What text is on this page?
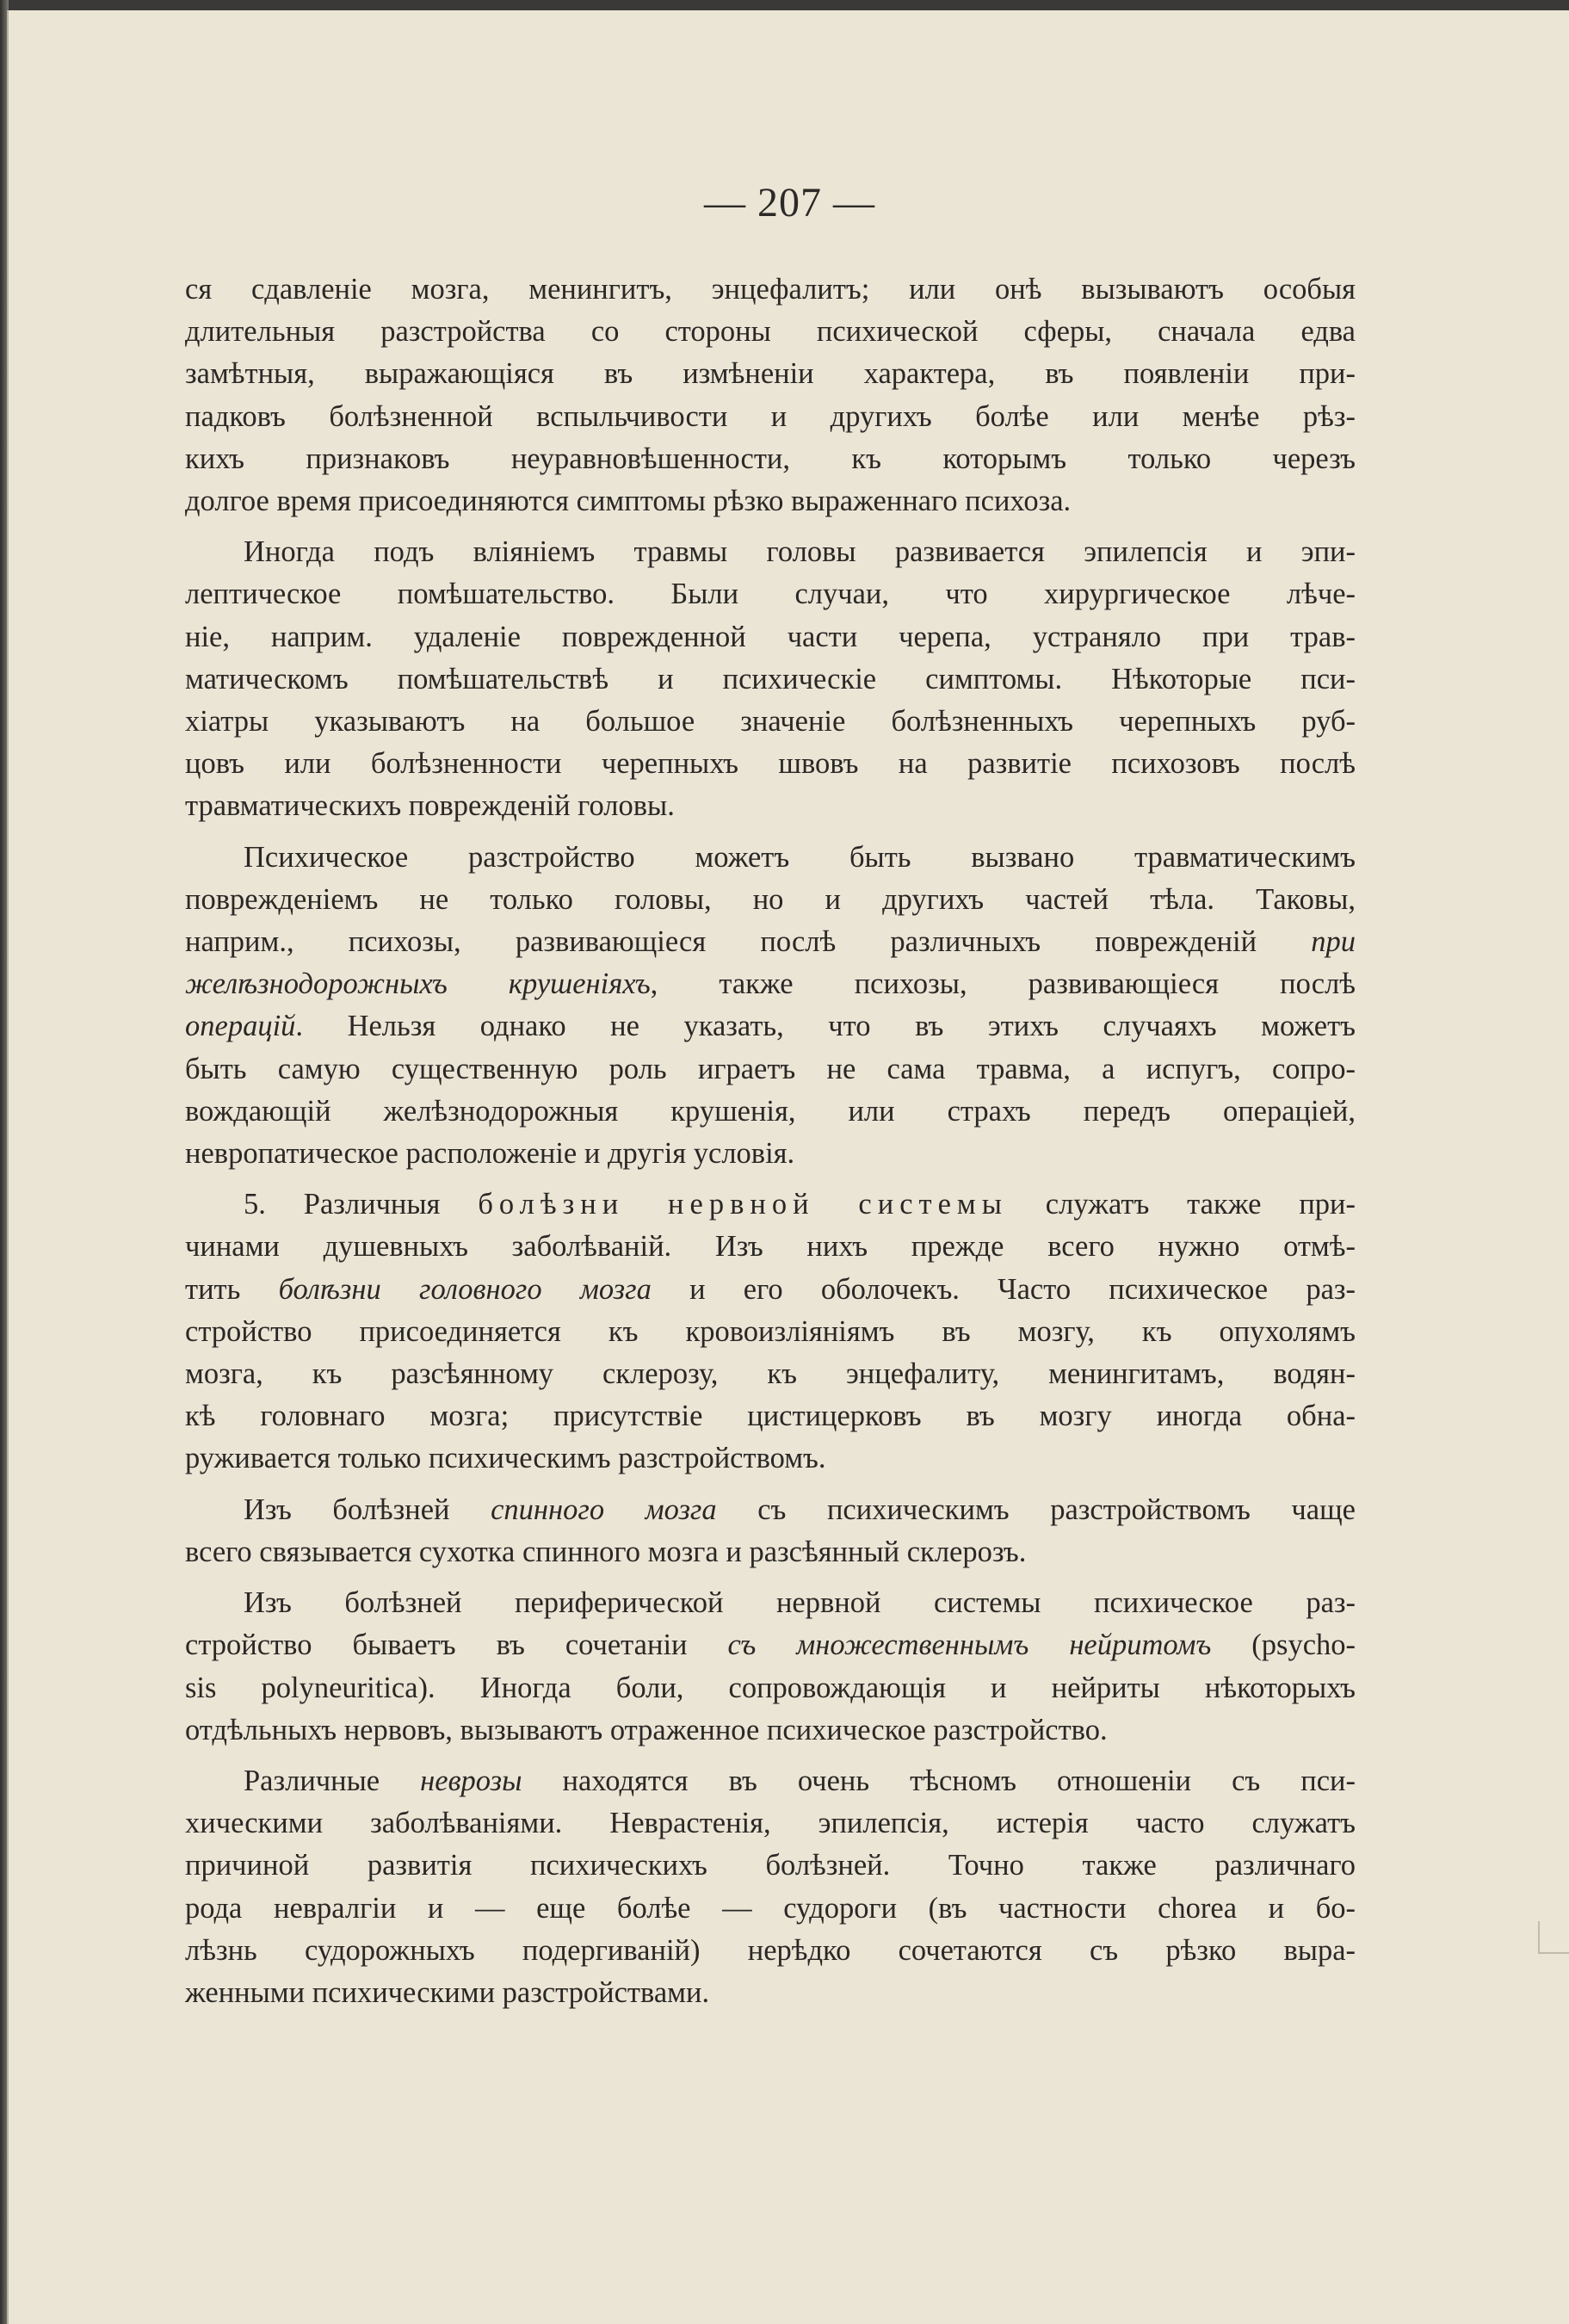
— 207 —
ся сдавленіе мозга, менингитъ, энцефалитъ; или онѣ вызываютъ особыя
длительныя разстройства со стороны психической сферы, сначала едва
замѣтныя, выражающіяся въ измѣненіи характера, въ появленіи при-
падковъ болѣзненной вспыльчивости и другихъ болѣе или менѣе рѣз-
кихъ признаковъ неуравновѣшенности, къ которымъ только черезъ
долгое время присоединяются симптомы рѣзко выраженнаго психоза.
Иногда подъ вліяніемъ травмы головы развивается эпилепсія и эпи-
лептическое помѣшательство. Были случаи, что хирургическое лѣче-
ніе, наприм. удаленіе поврежденной части черепа, устраняло при трав-
матическомъ помѣшательствѣ и психическіе симптомы. Нѣкоторые пси-
хіатры указываютъ на большое значеніе болѣзненныхъ черепныхъ руб-
цовъ или болѣзненности черепныхъ швовъ на развитіе психозовъ послѣ
травматическихъ поврежденій головы.
Психическое разстройство можетъ быть вызвано травматическимъ
поврежденіемъ не только головы, но и другихъ частей тѣла. Таковы,
наприм., психозы, развивающіеся послѣ различныхъ поврежденій при
желѣзнодорожныхъ крушеніяхъ, также психозы, развивающіеся послѣ
операцій. Нельзя однако не указать, что въ этихъ случаяхъ можетъ
быть самую существенную роль играетъ не сама травма, а испугъ, сопро-
вождающій желѣзнодорожныя крушенія, или страхъ передъ операціей,
невропатическое расположеніе и другія условія.
5. Различныя болѣзни нервной системы служатъ также при-
чинами душевныхъ заболѣваній. Изъ нихъ прежде всего нужно отмѣ-
тить болѣзни головного мозга и его оболочекъ. Часто психическое раз-
стройство присоединяется къ кровоизліяніямъ въ мозгу, къ опухолямъ
мозга, къ разсѣянному склерозу, къ энцефалиту, менингитамъ, водян-
кѣ головнаго мозга; присутствіе цистицерковъ въ мозгу иногда обна-
руживается только психическимъ разстройствомъ.
Изъ болѣзней спинного мозга съ психическимъ разстройствомъ чаще
всего связывается сухотка спинного мозга и разсѣянный склерозъ.
Изъ болѣзней периферической нервной системы психическое раз-
стройство бываетъ въ сочетаніи съ множественнымъ нейритомъ (psycho-
sis polyneuritica). Иногда боли, сопровождающія и нейриты нѣкоторыхъ
отдѣльныхъ нервовъ, вызываютъ отраженное психическое разстройство.
Различные неврозы находятся въ очень тѣсномъ отношеніи съ пси-
хическими заболѣваніями. Неврастенія, эпилепсія, истерія часто служатъ
причиной развитія психическихъ болѣзней. Точно также различнаго
рода невралгіи и — еще болѣе — судороги (въ частности chorea и бо-
лѣзнь судорожныхъ подергиваній) нерѣдко сочетаются съ рѣзко выра-
женными психическими разстройствами.
